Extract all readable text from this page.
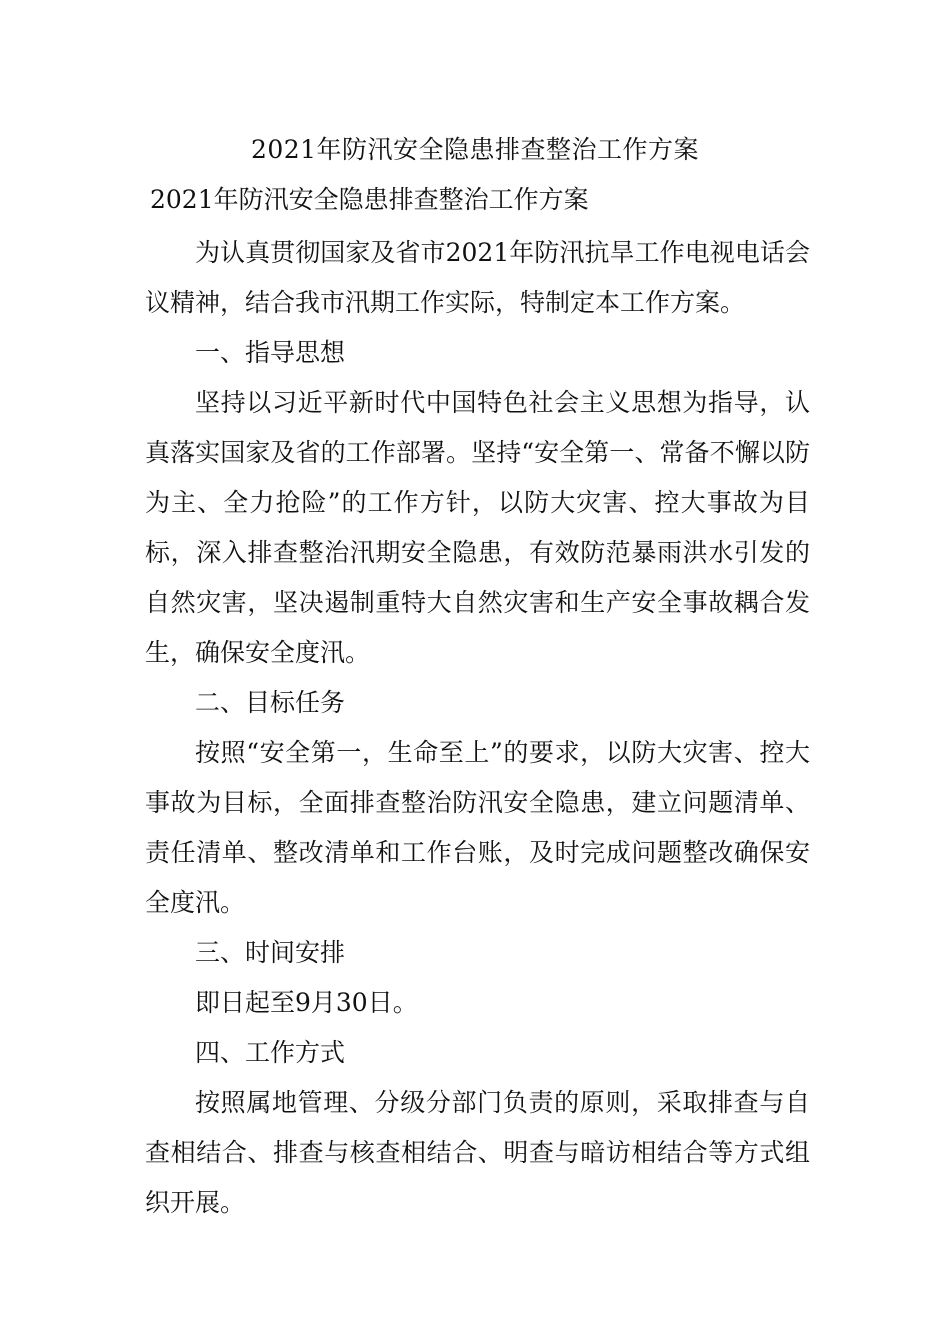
2021年防汛安全隐患排查整治工作方案
2021年防汛安全隐患排查整治工作方案

为认真贯彻国家及省市2021年防汛抗旱工作电视电话会议精神，结合我市汛期工作实际，特制定本工作方案。

一、指导思想

坚持以习近平新时代中国特色社会主义思想为指导，认真落实国家及省的工作部署。坚持“安全第一、常备不懈以防为主、全力抢险”的工作方针，以防大灾害、控大事故为目标，深入排查整治汛期安全隐患，有效防范暴雨洪水引发的自然灾害，坚决遏制重特大自然灾害和生产安全事故耦合发生，确保安全度汛。

二、目标任务

按照“安全第一，生命至上”的要求，以防大灾害、控大事故为目标，全面排查整治防汛安全隐患，建立问题清单、责任清单、整改清单和工作台账，及时完成问题整改确保安全度汛。

三、时间安排

即日起至9月30日。

四、工作方式

按照属地管理、分级分部门负责的原则，采取排查与自查相结合、排查与核查相结合、明查与暗访相结合等方式组织开展。
